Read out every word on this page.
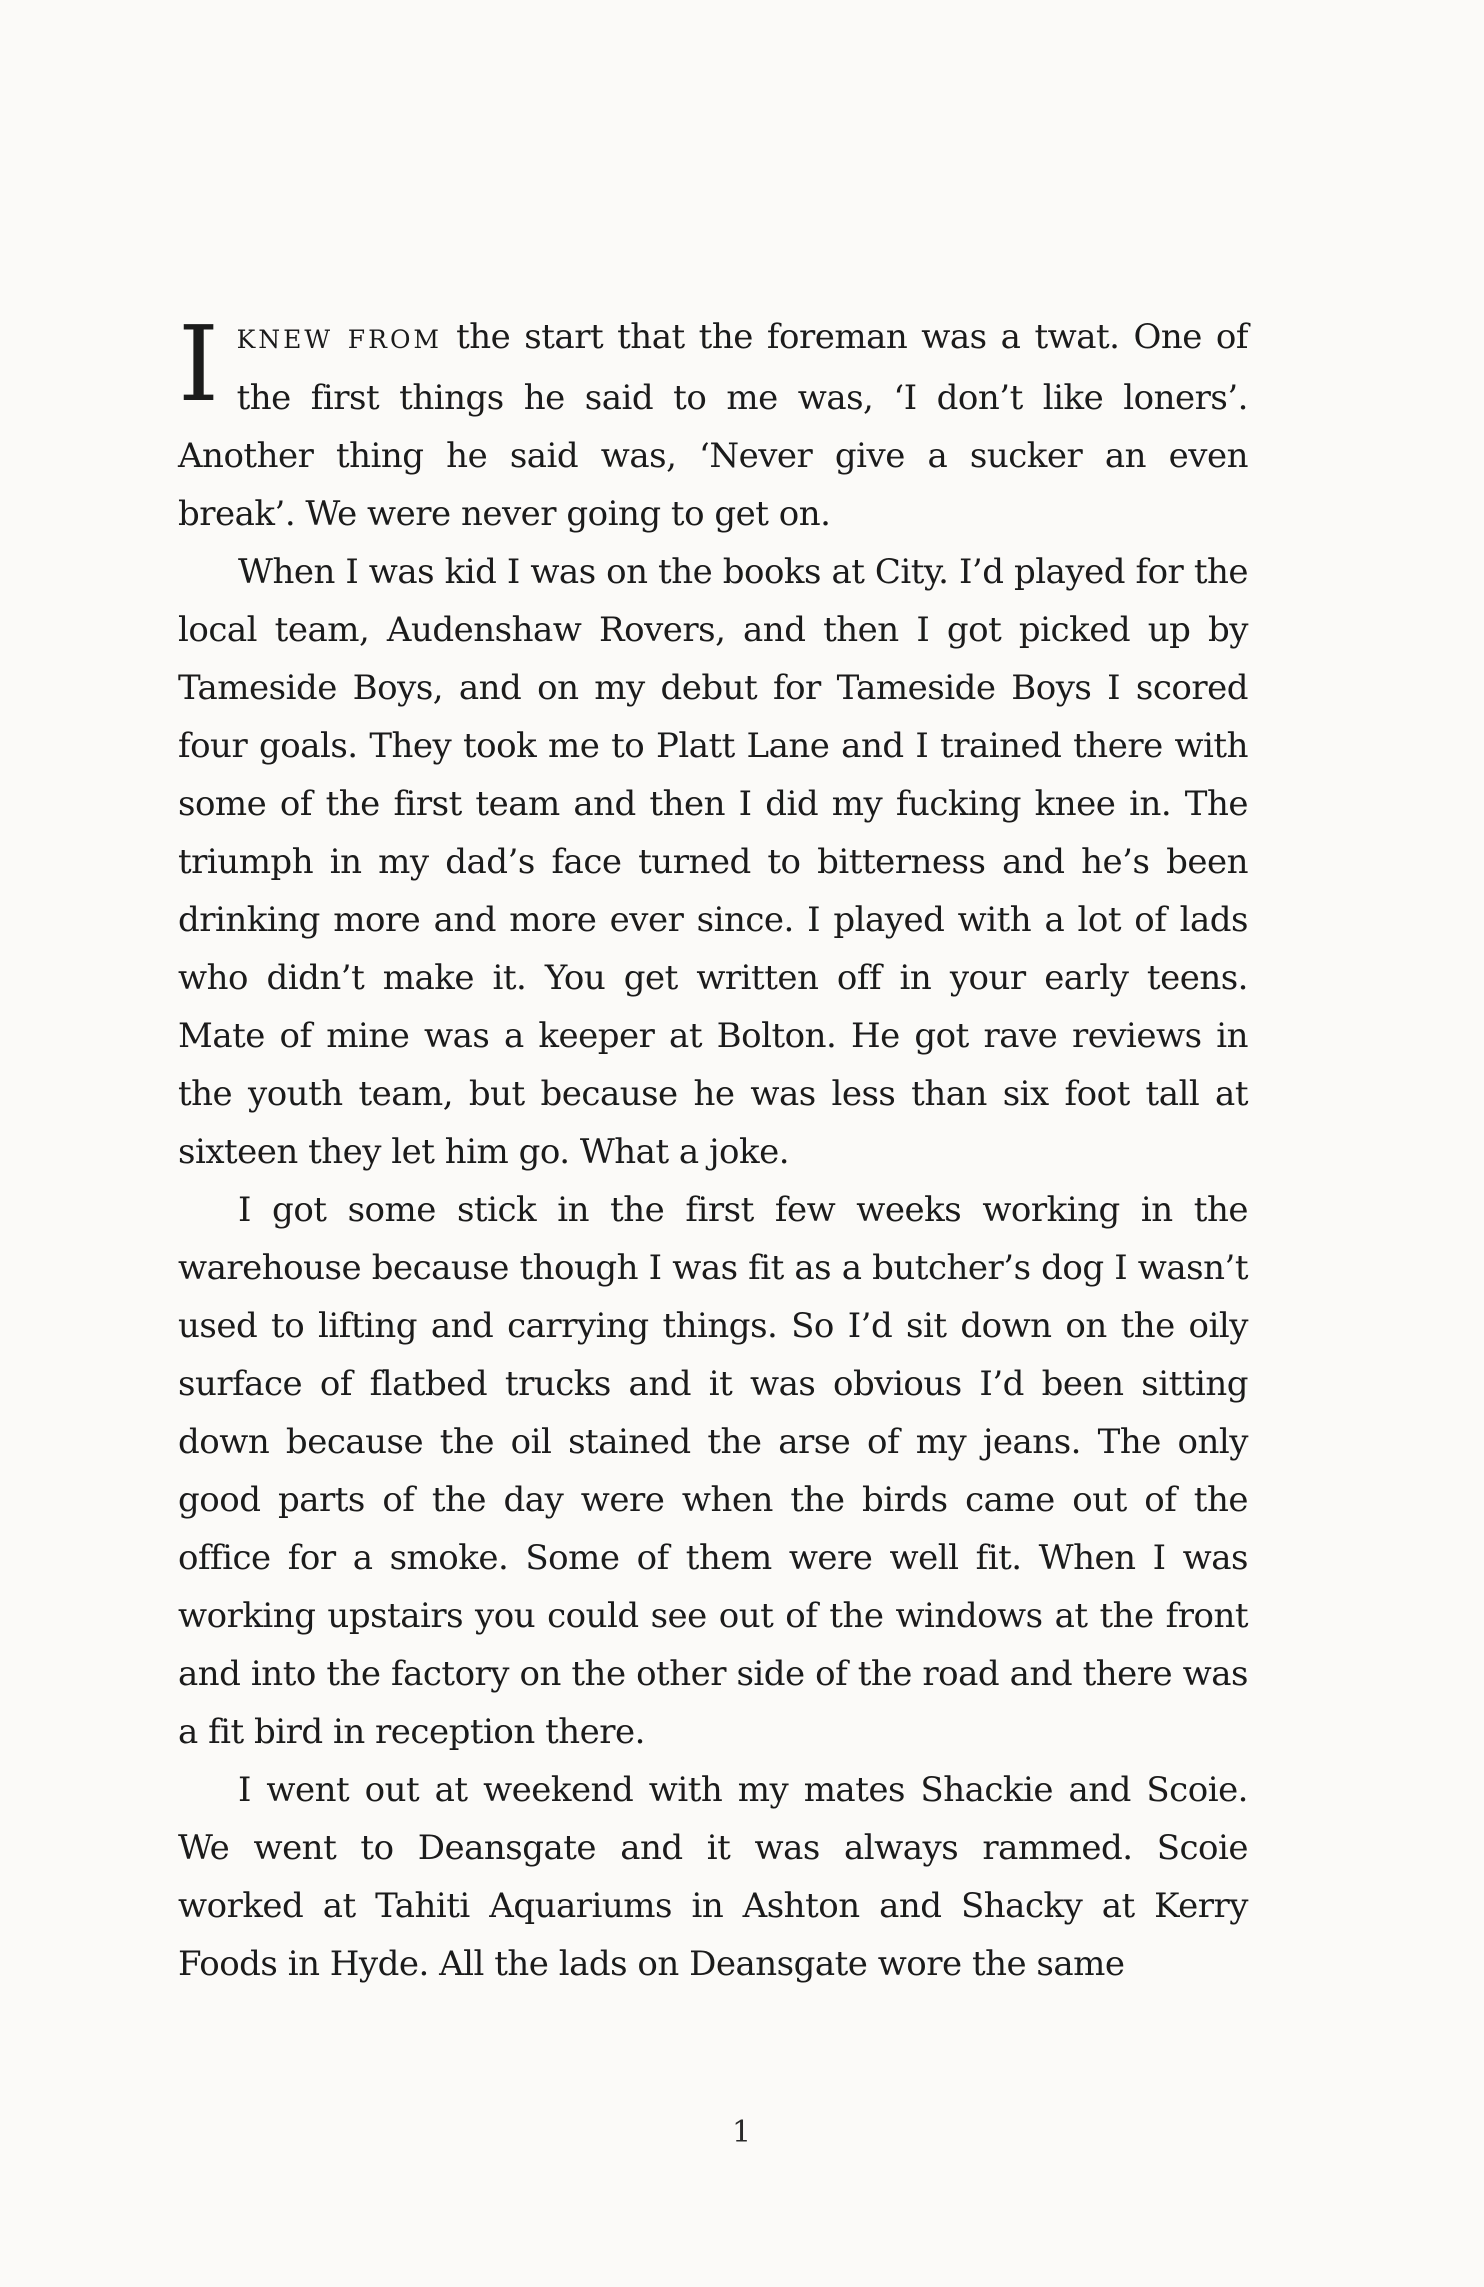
IKNEW FROM the start that the foreman was a twat. One of the first things he said to me was, ‘I don’t like loners’. Another thing he said was, ‘Never give a sucker an even break’. We were never going to get on.

When I was kid I was on the books at City. I’d played for the local team, Audenshaw Rovers, and then I got picked up by Tameside Boys, and on my debut for Tameside Boys I scored four goals. They took me to Platt Lane and I trained there with some of the first team and then I did my fucking knee in. The triumph in my dad’s face turned to bitterness and he’s been drinking more and more ever since. I played with a lot of lads who didn’t make it. You get written off in your early teens. Mate of mine was a keeper at Bolton. He got rave reviews in the youth team, but because he was less than six foot tall at sixteen they let him go. What a joke.

I got some stick in the first few weeks working in the warehouse because though I was fit as a butcher’s dog I wasn’t used to lifting and carrying things. So I’d sit down on the oily surface of flatbed trucks and it was obvious I’d been sitting down because the oil stained the arse of my jeans. The only good parts of the day were when the birds came out of the office for a smoke. Some of them were well fit. When I was working upstairs you could see out of the windows at the front and into the factory on the other side of the road and there was a fit bird in reception there.

I went out at weekend with my mates Shackie and Scoie. We went to Deansgate and it was always rammed. Scoie worked at Tahiti Aquariums in Ashton and Shacky at Kerry Foods in Hyde. All the lads on Deansgate wore the same

1
